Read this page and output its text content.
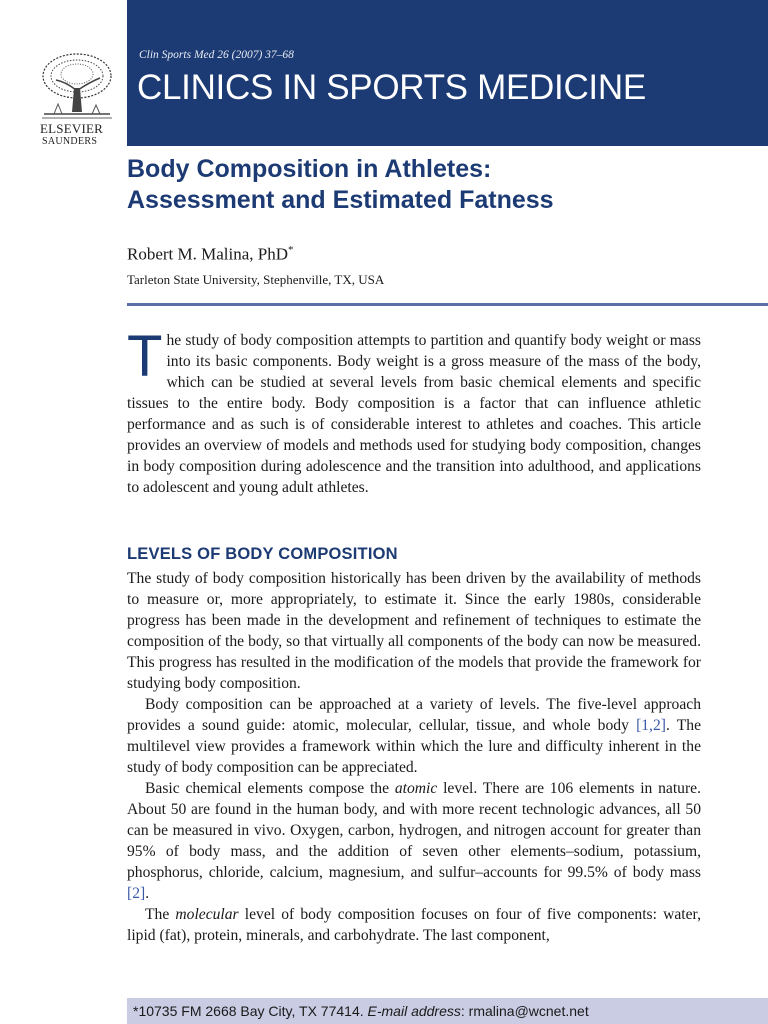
ELSEVIER
SAUNDERS
Clin Sports Med 26 (2007) 37–68
CLINICS IN SPORTS MEDICINE
Body Composition in Athletes:
Assessment and Estimated Fatness
Robert M. Malina, PhD*
Tarleton State University, Stephenville, TX, USA
The study of body composition attempts to partition and quantify body weight or mass into its basic components. Body weight is a gross measure of the mass of the body, which can be studied at several levels from basic chemical elements and specific tissues to the entire body. Body composition is a factor that can influence athletic performance and as such is of considerable interest to athletes and coaches. This article provides an overview of models and methods used for studying body composition, changes in body composition during adolescence and the transition into adulthood, and applications to adolescent and young adult athletes.
LEVELS OF BODY COMPOSITION

The study of body composition historically has been driven by the availability of methods to measure or, more appropriately, to estimate it. Since the early 1980s, considerable progress has been made in the development and refinement of techniques to estimate the composition of the body, so that virtually all components of the body can now be measured. This progress has resulted in the modification of the models that provide the framework for studying body composition.

Body composition can be approached at a variety of levels. The five-level approach provides a sound guide: atomic, molecular, cellular, tissue, and whole body [1,2]. The multilevel view provides a framework within which the lure and difficulty inherent in the study of body composition can be appreciated.

Basic chemical elements compose the atomic level. There are 106 elements in nature. About 50 are found in the human body, and with more recent technologic advances, all 50 can be measured in vivo. Oxygen, carbon, hydrogen, and nitrogen account for greater than 95% of body mass, and the addition of seven other elements–sodium, potassium, phosphorus, chloride, calcium, magnesium, and sulfur–accounts for 99.5% of body mass [2].

The molecular level of body composition focuses on four of five components: water, lipid (fat), protein, minerals, and carbohydrate. The last component,

*10735 FM 2668 Bay City, TX 77414. E-mail address: rmalina@wcnet.net
